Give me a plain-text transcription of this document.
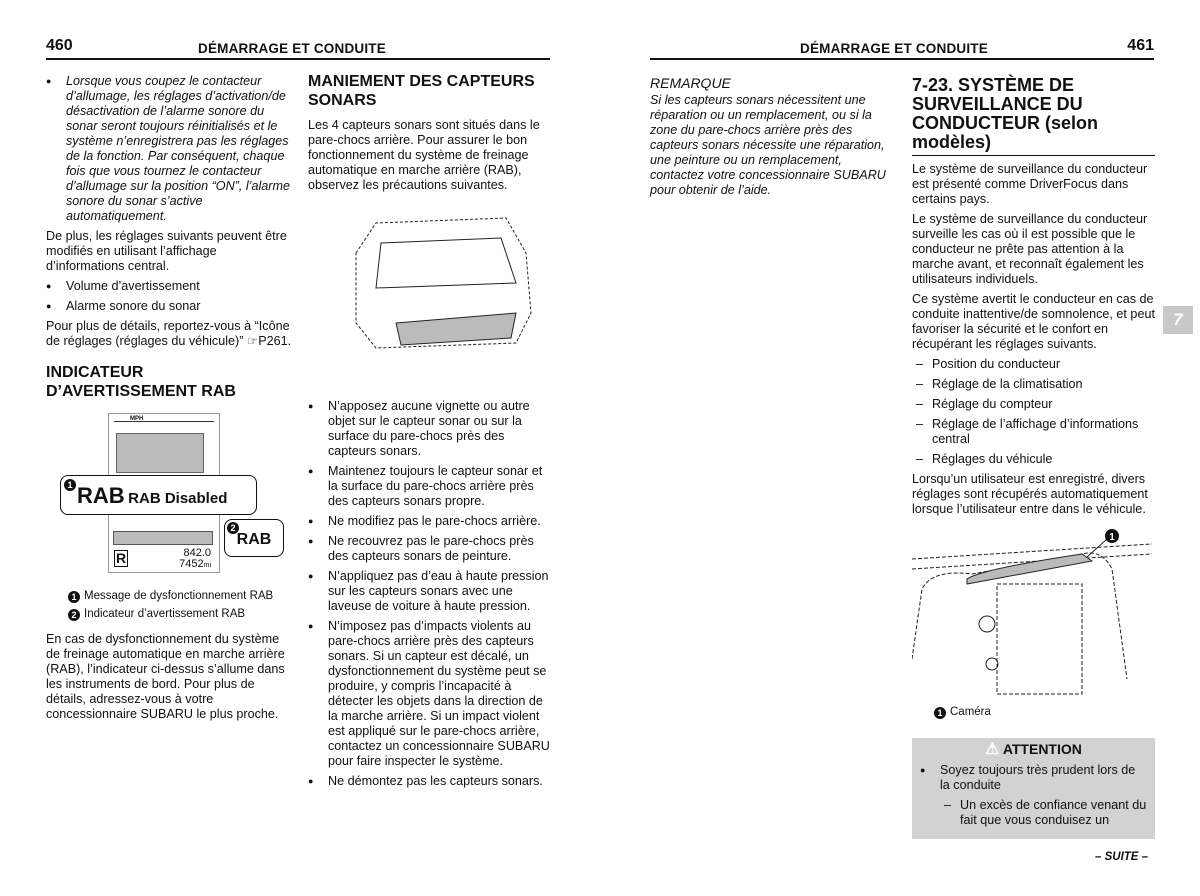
460	DÉMARRAGE ET CONDUITE	DÉMARRAGE ET CONDUITE	461
● Lorsque vous coupez le contacteur d’allumage, les réglages d’activation/de désactivation de l’alarme sonore du sonar seront toujours réinitialisés et le système n’enregistrera pas les réglages de la fonction. Par conséquent, chaque fois que vous tournez le contacteur d’allumage sur la position “ON”, l’alarme sonore du sonar s’active automatiquement.

De plus, les réglages suivants peuvent être modifiés en utilisant l’affichage d’informations central.

● Volume d’avertissement
● Alarme sonore du sonar

Pour plus de détails, reportez-vous à “Icône de réglages (réglages du véhicule)” ☞P261.

INDICATEUR D’AVERTISSEMENT RAB
MPH
1 RAB RAB Disabled
2
RAB
R	842.0
7452mi
1 Message de dysfonctionnement RAB
2 Indicateur d’avertissement RAB

En cas de dysfonctionnement du système de freinage automatique en marche arrière (RAB), l’indicateur ci-dessus s’allume dans les instruments de bord. Pour plus de détails, adressez-vous à votre concessionnaire SUBARU le plus proche.

MANIEMENT DES CAPTEURS SONARS

Les 4 capteurs sonars sont situés dans le pare-chocs arrière. Pour assurer le bon fonctionnement du système de freinage automatique en marche arrière (RAB), observez les précautions suivantes.

● N’apposez aucune vignette ou autre objet sur le capteur sonar ou sur la surface du pare-chocs près des capteurs sonars.
● Maintenez toujours le capteur sonar et la surface du pare-chocs arrière près des capteurs sonars propre.
● Ne modifiez pas le pare-chocs arrière.
● Ne recouvrez pas le pare-chocs près des capteurs sonars de peinture.
● N’appliquez pas d’eau à haute pression sur les capteurs sonars avec une laveuse de voiture à haute pression.
● N’imposez pas d’impacts violents au pare-chocs arrière près des capteurs sonars. Si un capteur est décalé, un dysfonctionnement du système peut se produire, y compris l’incapacité à détecter les objets dans la direction de la marche arrière. Si un impact violent est appliqué sur le pare-chocs arrière, contactez un concessionnaire SUBARU pour faire inspecter le système.
● Ne démontez pas les capteurs sonars.
REMARQUE

Si les capteurs sonars nécessitent une réparation ou un remplacement, ou si la zone du pare-chocs arrière près des capteurs sonars nécessite une réparation, une peinture ou un remplacement, contactez votre concessionnaire SUBARU pour obtenir de l’aide.

7-23. SYSTÈME DE SURVEILLANCE DU CONDUCTEUR (selon modèles)

Le système de surveillance du conducteur est présenté comme DriverFocus dans certains pays.

Le système de surveillance du conducteur surveille les cas où il est possible que le conducteur ne prête pas attention à la marche avant, et reconnaît également les utilisateurs individuels.

Ce système avertit le conducteur en cas de conduite inattentive/de somnolence, et peut favoriser la sécurité et le confort en récupérant les réglages suivants.

– Position du conducteur
– Réglage de la climatisation
– Réglage du compteur
– Réglage de l’affichage d’informations central
– Réglages du véhicule

Lorsqu’un utilisateur est enregistré, divers réglages sont récupérés automatiquement lorsque l’utilisateur entre dans le véhicule.

1
1 Caméra
⚠ ATTENTION
● Soyez toujours très prudent lors de la conduite
– Un excès de confiance venant du fait que vous conduisez un
7
– SUITE –
